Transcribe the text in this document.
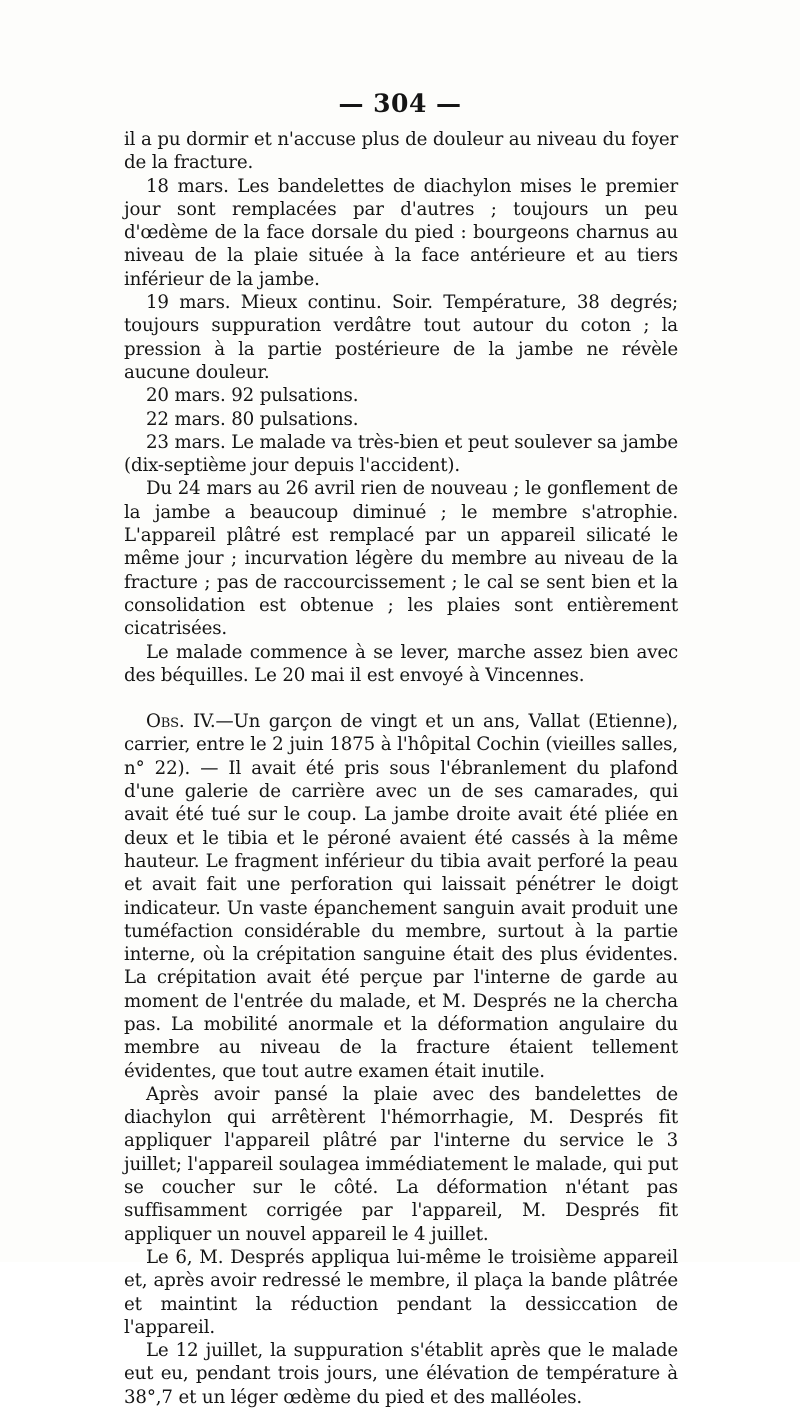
— 304 —

il a pu dormir et n'accuse plus de douleur au niveau du foyer de la fracture.

18 mars. Les bandelettes de diachylon mises le premier jour sont remplacées par d'autres ; toujours un peu d'œdème de la face dorsale du pied : bourgeons charnus au niveau de la plaie située à la face antérieure et au tiers inférieur de la jambe.

19 mars. Mieux continu. Soir. Température, 38 degrés; toujours suppuration verdâtre tout autour du coton ; la pression à la partie postérieure de la jambe ne révèle aucune douleur.

20 mars. 92 pulsations.

22 mars. 80 pulsations.

23 mars. Le malade va très-bien et peut soulever sa jambe (dix-septième jour depuis l'accident).

Du 24 mars au 26 avril rien de nouveau ; le gonflement de la jambe a beaucoup diminué ; le membre s'atrophie. L'appareil plâtré est remplacé par un appareil silicaté le même jour ; incurvation légère du membre au niveau de la fracture ; pas de raccourcissement ; le cal se sent bien et la consolidation est obtenue ; les plaies sont entièrement cicatrisées.

Le malade commence à se lever, marche assez bien avec des béquilles. Le 20 mai il est envoyé à Vincennes.

Obs. IV.—Un garçon de vingt et un ans, Vallat (Etienne), carrier, entre le 2 juin 1875 à l'hôpital Cochin (vieilles salles, n° 22). — Il avait été pris sous l'ébranlement du plafond d'une galerie de carrière avec un de ses camarades, qui avait été tué sur le coup. La jambe droite avait été pliée en deux et le tibia et le péroné avaient été cassés à la même hauteur. Le fragment inférieur du tibia avait perforé la peau et avait fait une perforation qui laissait pénétrer le doigt indicateur. Un vaste épanchement sanguin avait produit une tuméfaction considérable du membre, surtout à la partie interne, où la crépitation sanguine était des plus évidentes. La crépitation avait été perçue par l'interne de garde au moment de l'entrée du malade, et M. Després ne la chercha pas. La mobilité anormale et la déformation angulaire du membre au niveau de la fracture étaient tellement évidentes, que tout autre examen était inutile.

Après avoir pansé la plaie avec des bandelettes de diachylon qui arrêtèrent l'hémorrhagie, M. Després fit appliquer l'appareil plâtré par l'interne du service le 3 juillet; l'appareil soulagea immédiatement le malade, qui put se coucher sur le côté. La déformation n'étant pas suffisamment corrigée par l'appareil, M. Després fit appliquer un nouvel appareil le 4 juillet.

Le 6, M. Després appliqua lui-même le troisième appareil et, après avoir redressé le membre, il plaça la bande plâtrée et maintint la réduction pendant la dessiccation de l'appareil.

Le 12 juillet, la suppuration s'établit après que le malade eut eu, pendant trois jours, une élévation de température à 38°,7 et un léger œdème du pied et des malléoles.
